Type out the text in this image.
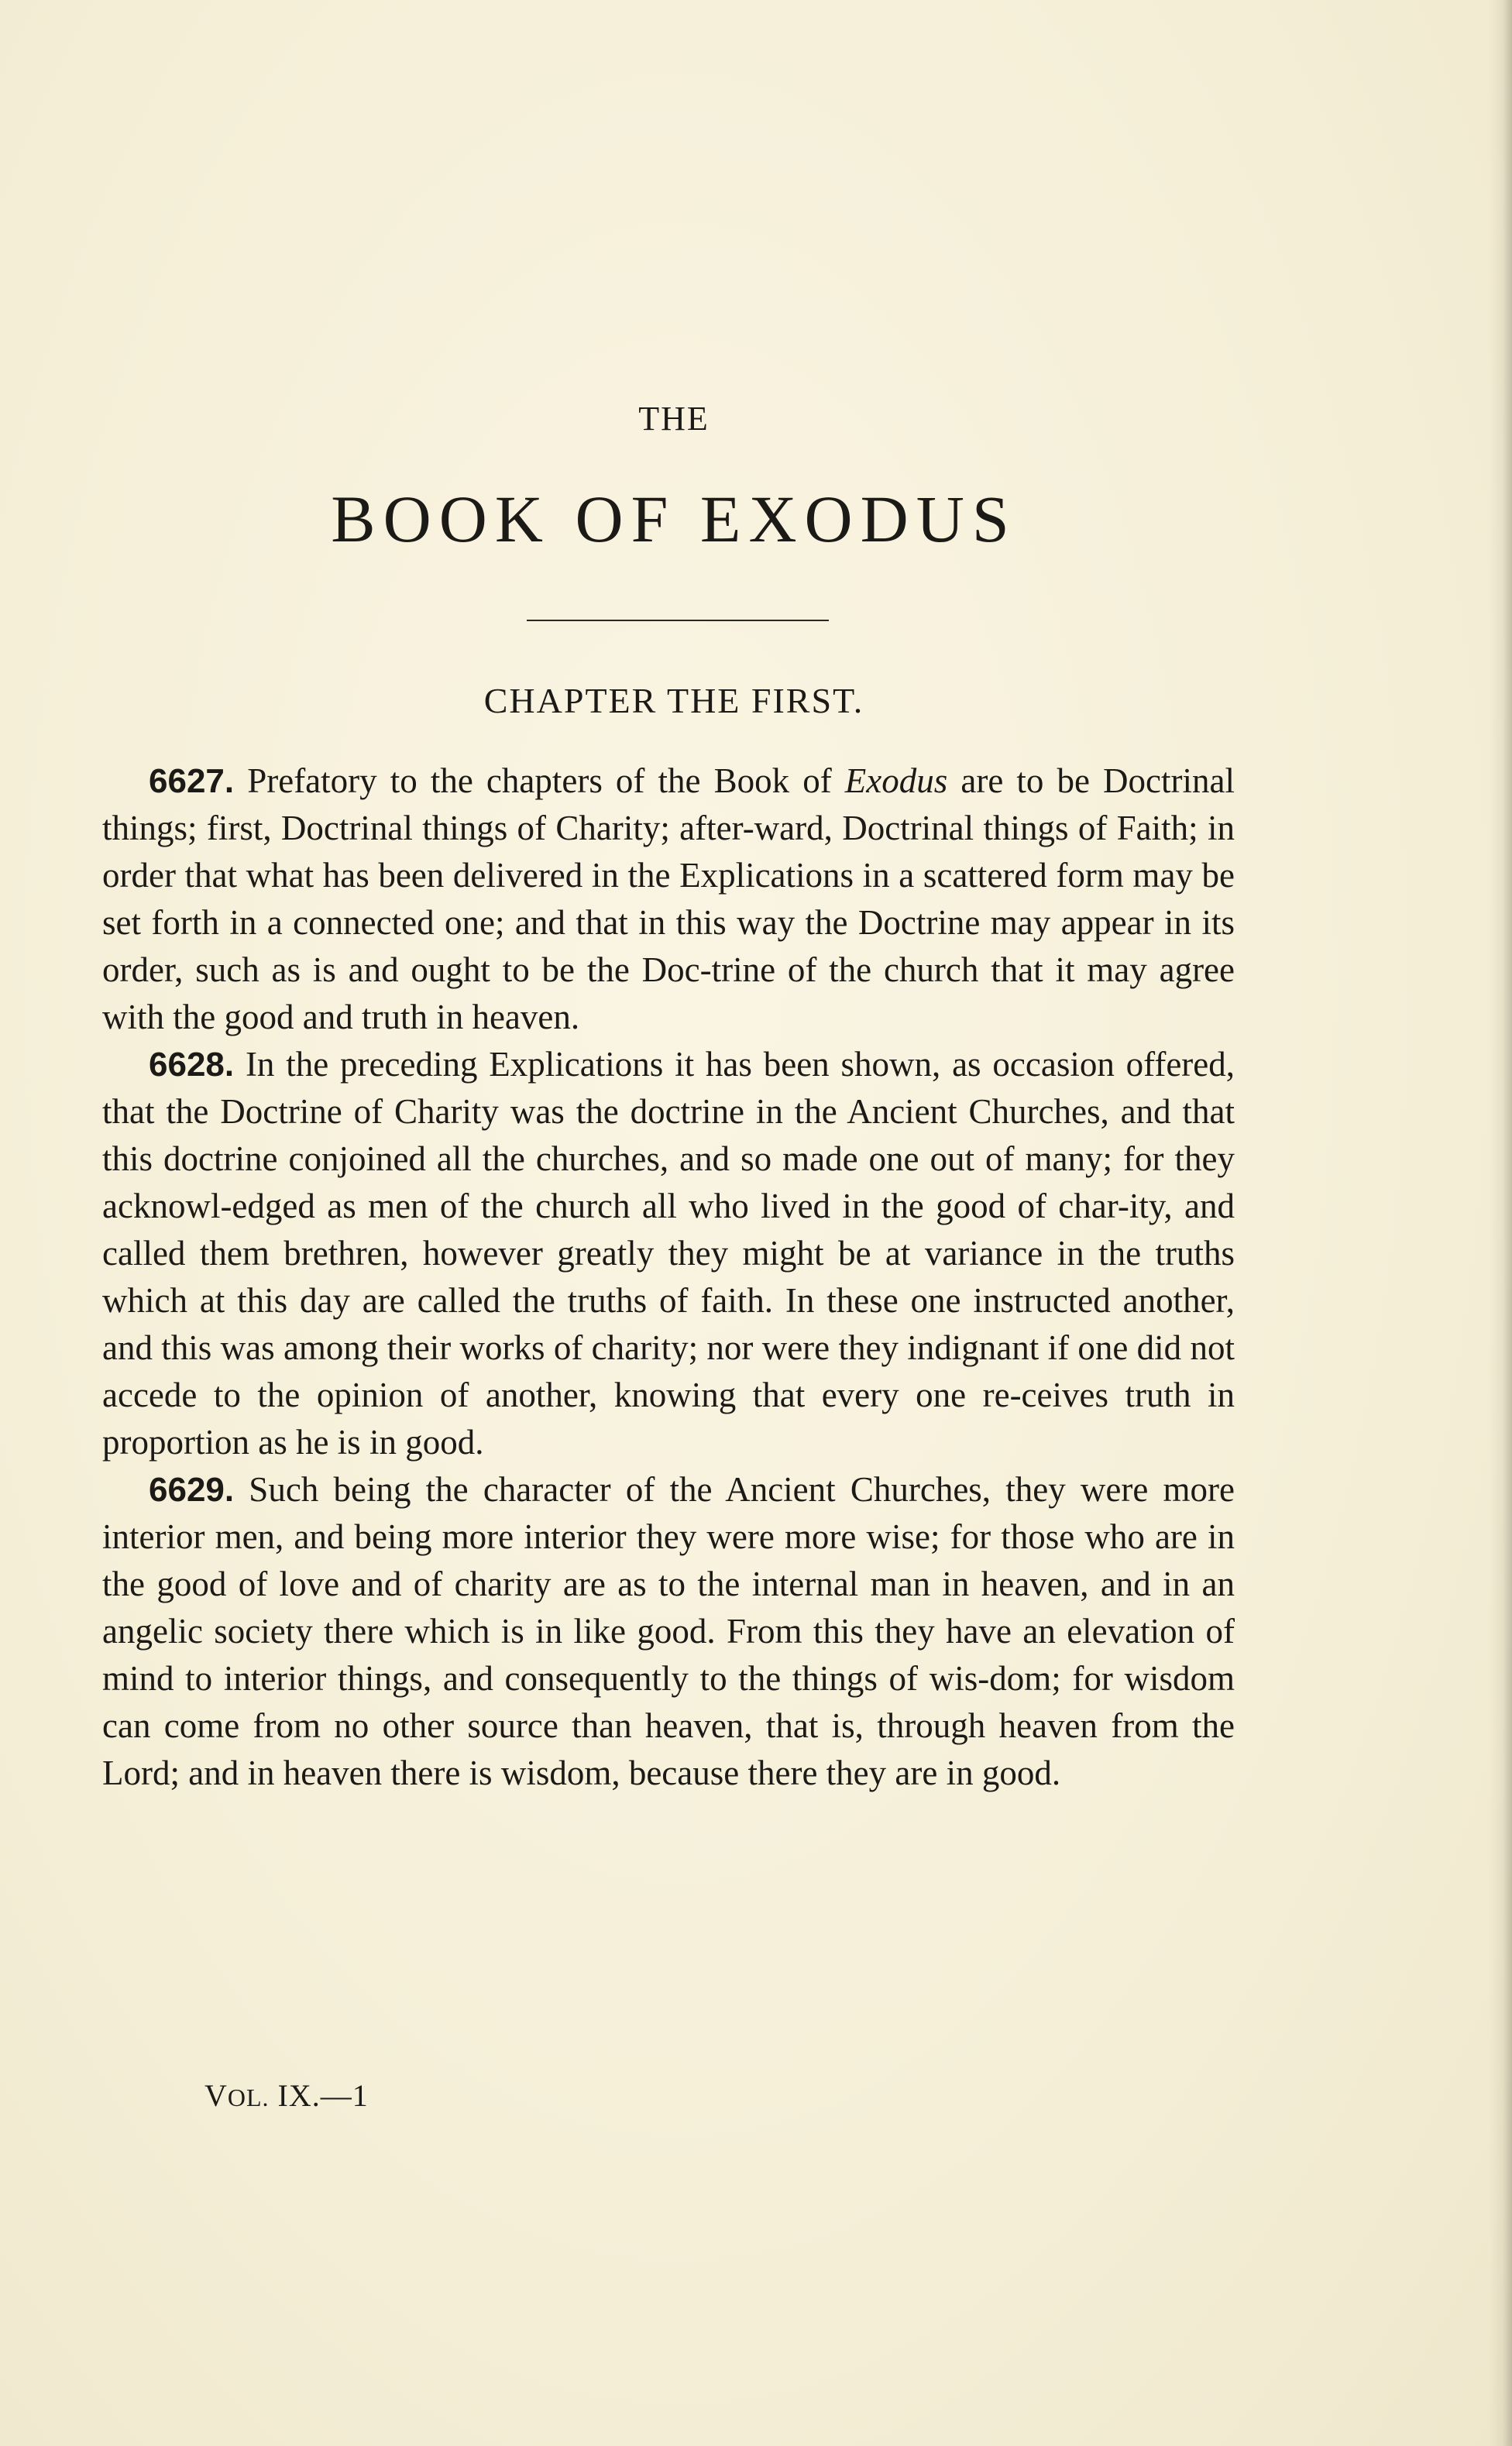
THE
BOOK OF EXODUS
CHAPTER THE FIRST.

6627. Prefatory to the chapters of the Book of Exodus are to be Doctrinal things; first, Doctrinal things of Charity; after-ward, Doctrinal things of Faith; in order that what has been delivered in the Explications in a scattered form may be set forth in a connected one; and that in this way the Doctrine may appear in its order, such as is and ought to be the Doc-trine of the church that it may agree with the good and truth in heaven.

6628. In the preceding Explications it has been shown, as occasion offered, that the Doctrine of Charity was the doctrine in the Ancient Churches, and that this doctrine conjoined all the churches, and so made one out of many; for they acknowl-edged as men of the church all who lived in the good of char-ity, and called them brethren, however greatly they might be at variance in the truths which at this day are called the truths of faith. In these one instructed another, and this was among their works of charity; nor were they indignant if one did not accede to the opinion of another, knowing that every one re-ceives truth in proportion as he is in good.

6629. Such being the character of the Ancient Churches, they were more interior men, and being more interior they were more wise; for those who are in the good of love and of charity are as to the internal man in heaven, and in an angelic society there which is in like good. From this they have an elevation of mind to interior things, and consequently to the things of wis-dom; for wisdom can come from no other source than heaven, that is, through heaven from the Lord; and in heaven there is wisdom, because there they are in good.

VOL. IX.—1
